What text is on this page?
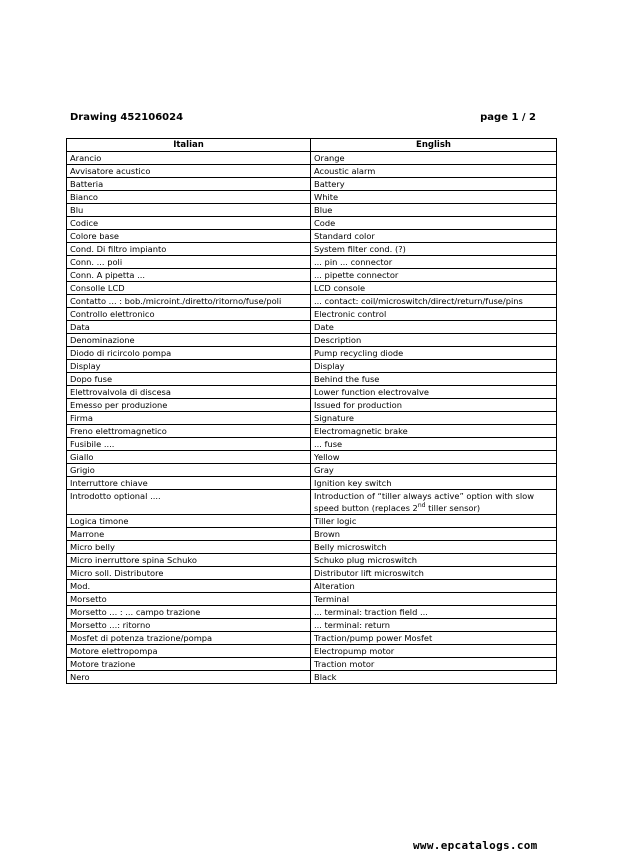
Drawing 452106024	page 1 / 2
Italian	English
Arancio	Orange
Avvisatore acustico	Acoustic alarm
Batteria	Battery
Bianco	White
Blu	Blue
Codice	Code
Colore base	Standard color
Cond. Di filtro impianto	System filter cond. (?)
Conn. ... poli	... pin ... connector
Conn. A pipetta ...	... pipette connector
Consolle LCD	LCD console
Contatto ... : bob./microint./diretto/ritorno/fuse/poli	... contact: coil/microswitch/direct/return/fuse/pins
Controllo elettronico	Electronic control
Data	Date
Denominazione	Description
Diodo di ricircolo pompa	Pump recycling diode
Display	Display
Dopo fuse	Behind the fuse
Elettrovalvola di discesa	Lower function electrovalve
Emesso per produzione	Issued for production
Firma	Signature
Freno elettromagnetico	Electromagnetic brake
Fusibile ....	... fuse
Giallo	Yellow
Grigio	Gray
Interruttore chiave	Ignition key switch
Introdotto optional ....	Introduction of “tiller always active” option with slow speed button (replaces 2nd tiller sensor)
Logica timone	Tiller logic
Marrone	Brown
Micro belly	Belly microswitch
Micro inerruttore spina Schuko	Schuko plug microswitch
Micro soll. Distributore	Distributor lift microswitch
Mod.	Alteration
Morsetto	Terminal
Morsetto ... : ... campo trazione	... terminal: traction field ...
Morsetto ...: ritorno	... terminal: return
Mosfet di potenza trazione/pompa	Traction/pump power Mosfet
Motore elettropompa	Electropump motor
Motore trazione	Traction motor
Nero	Black
www.epcatalogs.com
